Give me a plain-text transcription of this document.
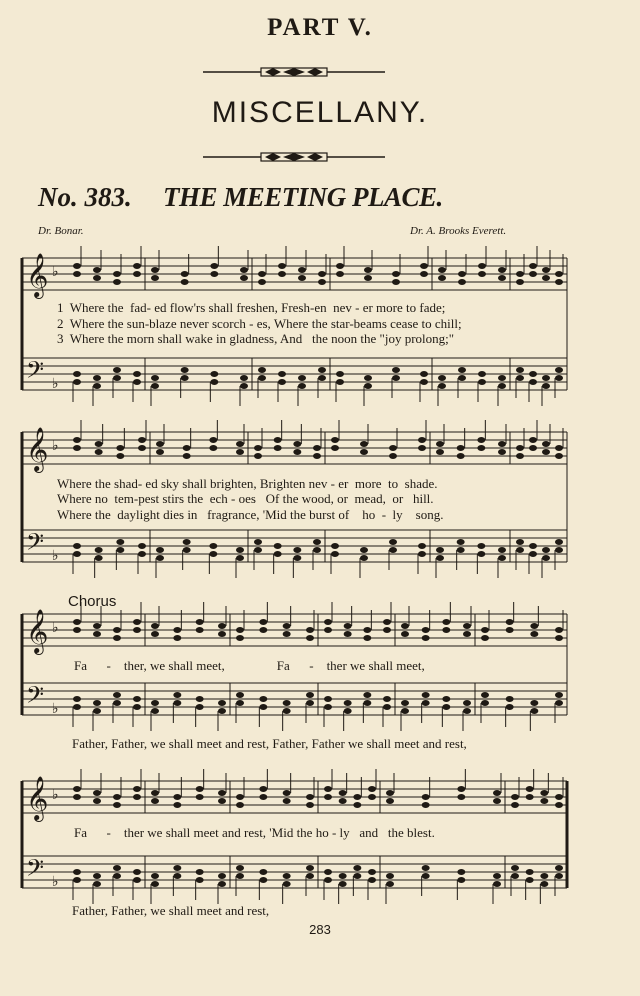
PART V.
MISCELLANY.
No. 383. THE MEETING PLACE.
Dr. Bonar.	Dr. A. Brooks Everett.
𝄞
𝄢
♭
♭
𝄞
𝄢
♭
♭
𝄞
𝄢
♭
♭
𝄞
𝄢
♭
♭
1  Where the  fad- ed flow'rs shall freshen, Fresh-en  nev - er more to fade;
2  Where the sun-blaze never scorch - es, Where the star-beams cease to chill;
3  Where the morn shall wake in gladness, And   the noon the "joy prolong;"
Where the shad- ed sky shall brighten, Brighten nev - er  more  to  shade.
Where no  tem-pest stirs the  ech - oes   Of the wood, or  mead,  or   hill.
Where the  daylight dies in   fragrance, 'Mid the burst of    ho  -  ly    song.
Chorus
Fa      -    ther, we shall meet,                Fa      -    ther we shall meet,
Father, Father, we shall meet and rest, Father, Father we shall meet and rest,
Fa      -    ther we shall meet and rest, 'Mid the ho - ly   and   the blest.
Father, Father, we shall meet and rest,
283
